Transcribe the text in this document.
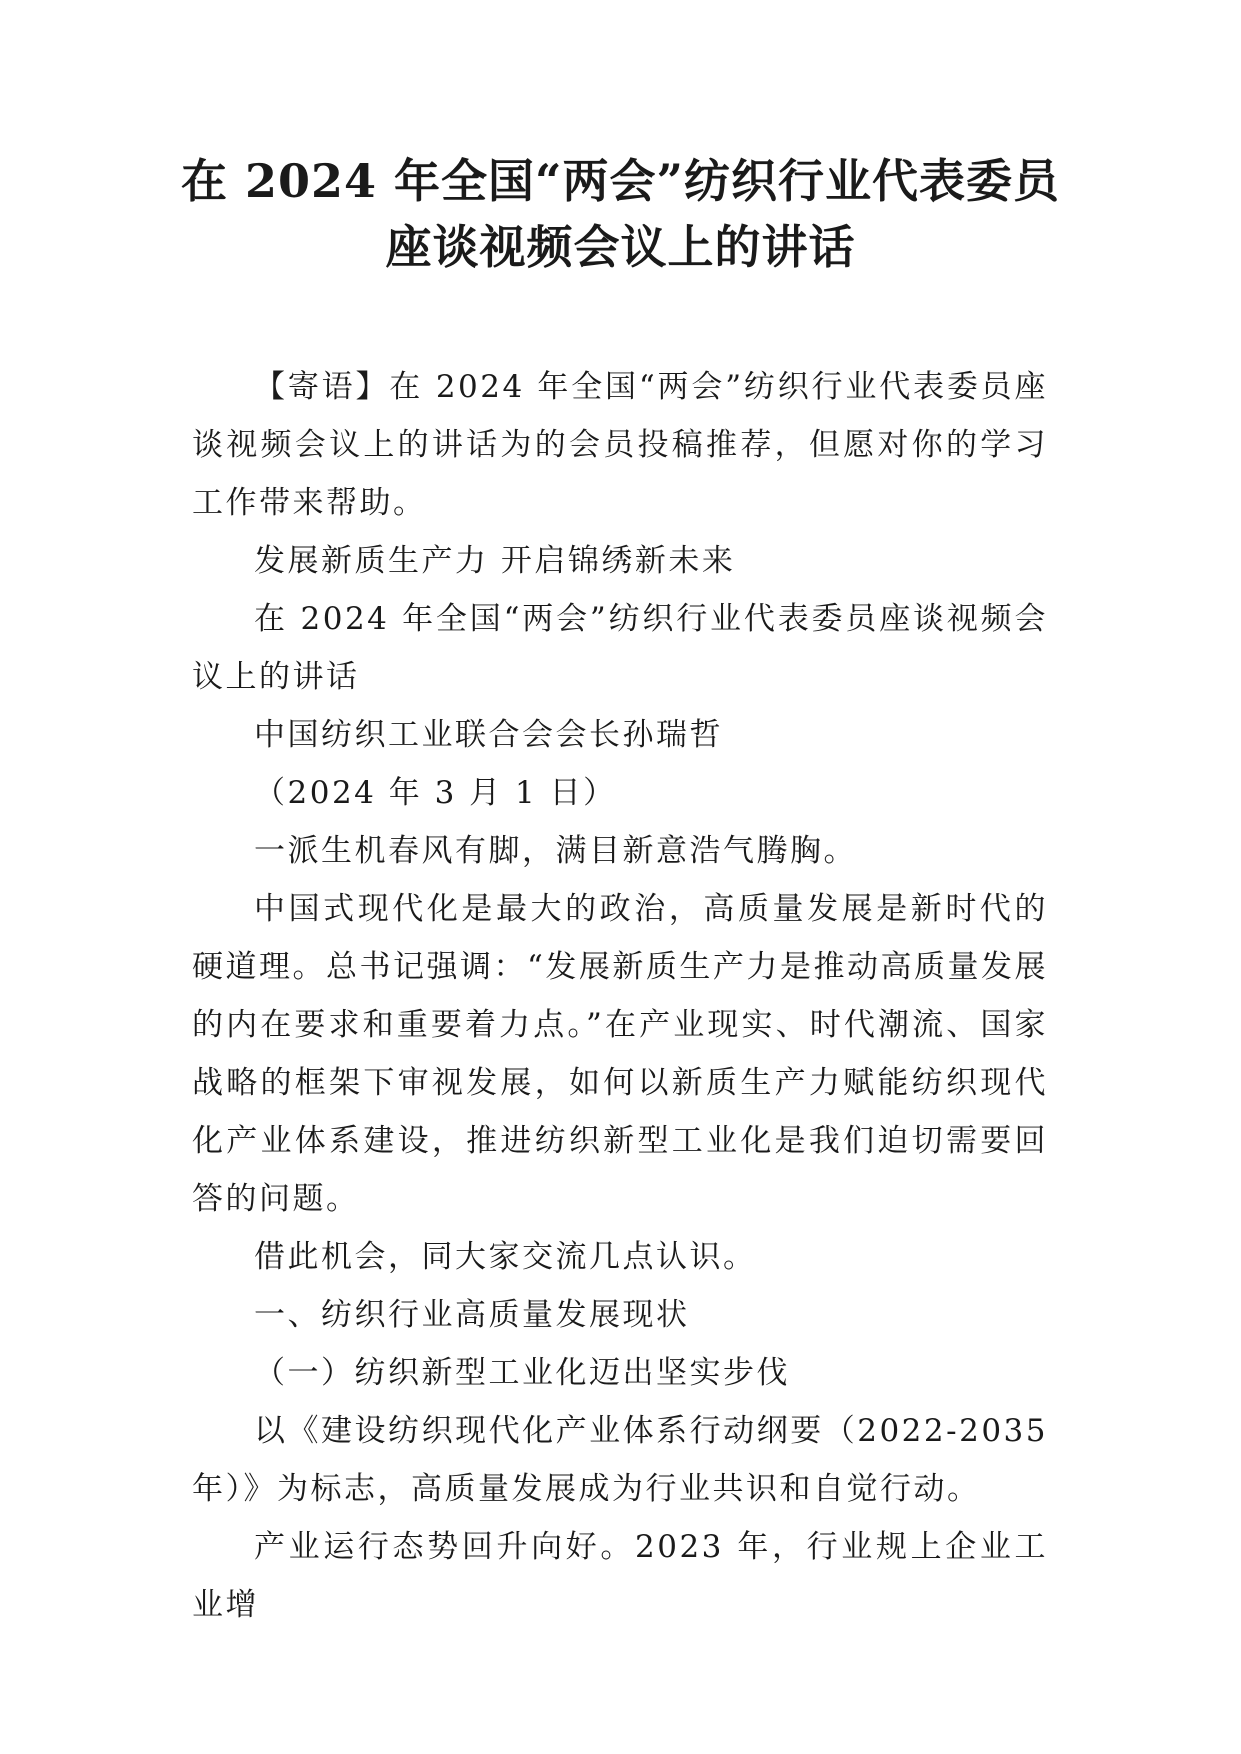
在 2024 年全国“两会”纺织行业代表委员
座谈视频会议上的讲话

【寄语】在 2024 年全国“两会”纺织行业代表委员座谈视频会议上的讲话为的会员投稿推荐，但愿对你的学习工作带来帮助。

发展新质生产力 开启锦绣新未来

在 2024 年全国“两会”纺织行业代表委员座谈视频会议上的讲话

中国纺织工业联合会会长孙瑞哲

（2024 年 3 月 1 日）

一派生机春风有脚，满目新意浩气腾胸。

中国式现代化是最大的政治，高质量发展是新时代的硬道理。总书记强调：“发展新质生产力是推动高质量发展的内在要求和重要着力点。”在产业现实、时代潮流、国家战略的框架下审视发展，如何以新质生产力赋能纺织现代化产业体系建设，推进纺织新型工业化是我们迫切需要回答的问题。

借此机会，同大家交流几点认识。

一、纺织行业高质量发展现状

（一）纺织新型工业化迈出坚实步伐

以《建设纺织现代化产业体系行动纲要（2022-2035 年）》为标志，高质量发展成为行业共识和自觉行动。

产业运行态势回升向好。2023 年，行业规上企业工业增
